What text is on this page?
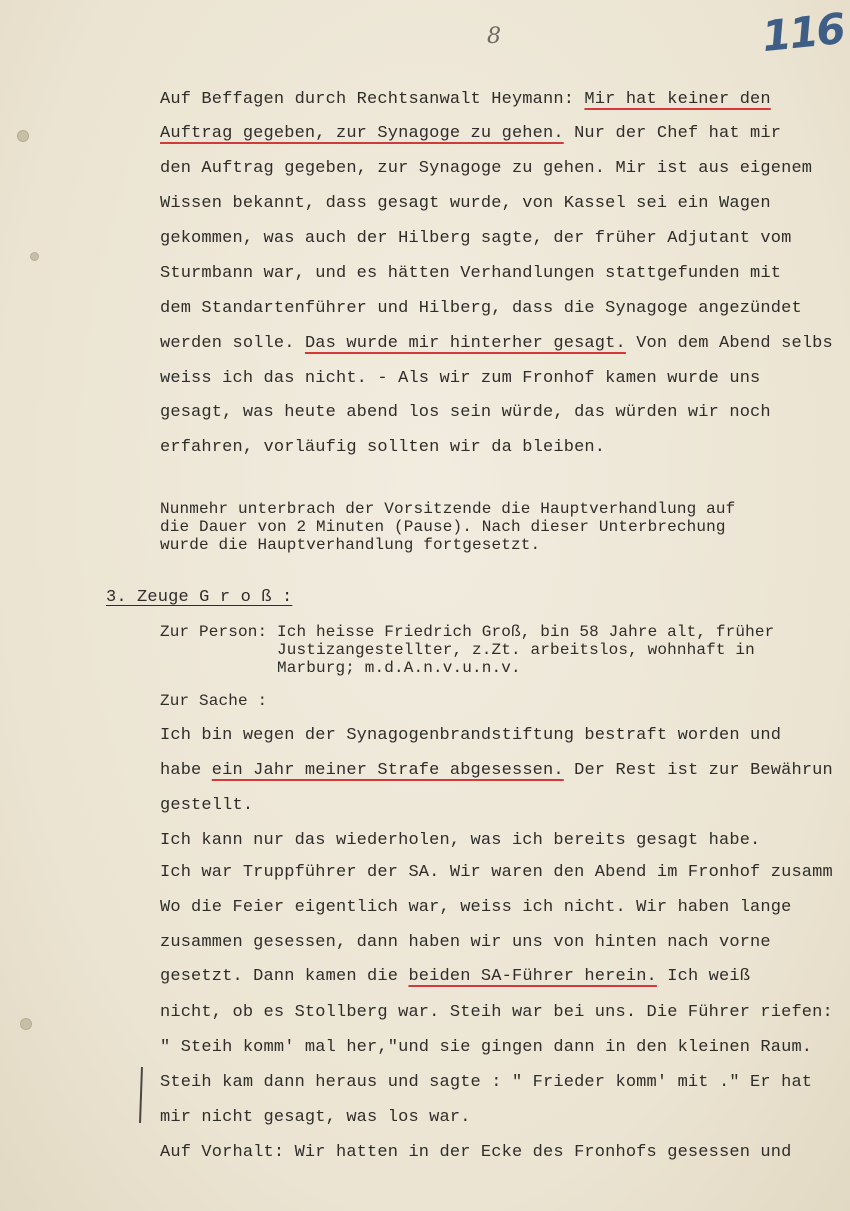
8	116
Auf Beffagen durch Rechtsanwalt Heymann: Mir hat keiner den
Auftrag gegeben, zur Synagoge zu gehen. Nur der Chef hat mir
den Auftrag gegeben, zur Synagoge zu gehen. Mir ist aus eigenem
Wissen bekannt, dass gesagt wurde, von Kassel sei ein Wagen
gekommen, was auch der Hilberg sagte, der früher Adjutant vom
Sturmbann war, und es hätten Verhandlungen stattgefunden mit
dem Standartenführer und Hilberg, dass die Synagoge angezündet
werden solle. Das wurde mir hinterher gesagt. Von dem Abend selbs
weiss ich das nicht. - Als wir zum Fronhof kamen wurde uns
gesagt, was heute abend los sein würde, das würden wir noch
erfahren, vorläufig sollten wir da bleiben.
Nunmehr unterbrach der Vorsitzende die Hauptverhandlung auf
die Dauer von 2 Minuten (Pause). Nach dieser Unterbrechung
wurde die Hauptverhandlung fortgesetzt.
3. Zeuge G r o ß :
Zur Person: Ich heisse Friedrich Groß, bin 58 Jahre alt, früher
Justizangestellter, z.Zt. arbeitslos, wohnhaft in
Marburg; m.d.A.n.v.u.n.v.
Zur Sache :
Ich bin wegen der Synagogenbrandstiftung bestraft worden und
habe ein Jahr meiner Strafe abgesessen. Der Rest ist zur Bewährun
gestellt.
Ich kann nur das wiederholen, was ich bereits gesagt habe.
Ich war Truppführer der SA. Wir waren den Abend im Fronhof zusamm
Wo die Feier eigentlich war, weiss ich nicht. Wir haben lange
zusammen gesessen, dann haben wir uns von hinten nach vorne
gesetzt. Dann kamen die beiden SA-Führer herein. Ich weiß
nicht, ob es Stollberg war. Steih war bei uns. Die Führer riefen:
" Steih komm' mal her,"und sie gingen dann in den kleinen Raum.
Steih kam dann heraus und sagte : " Frieder komm' mit ." Er hat
mir nicht gesagt, was los war.
Auf Vorhalt: Wir hatten in der Ecke des Fronhofs gesessen und
